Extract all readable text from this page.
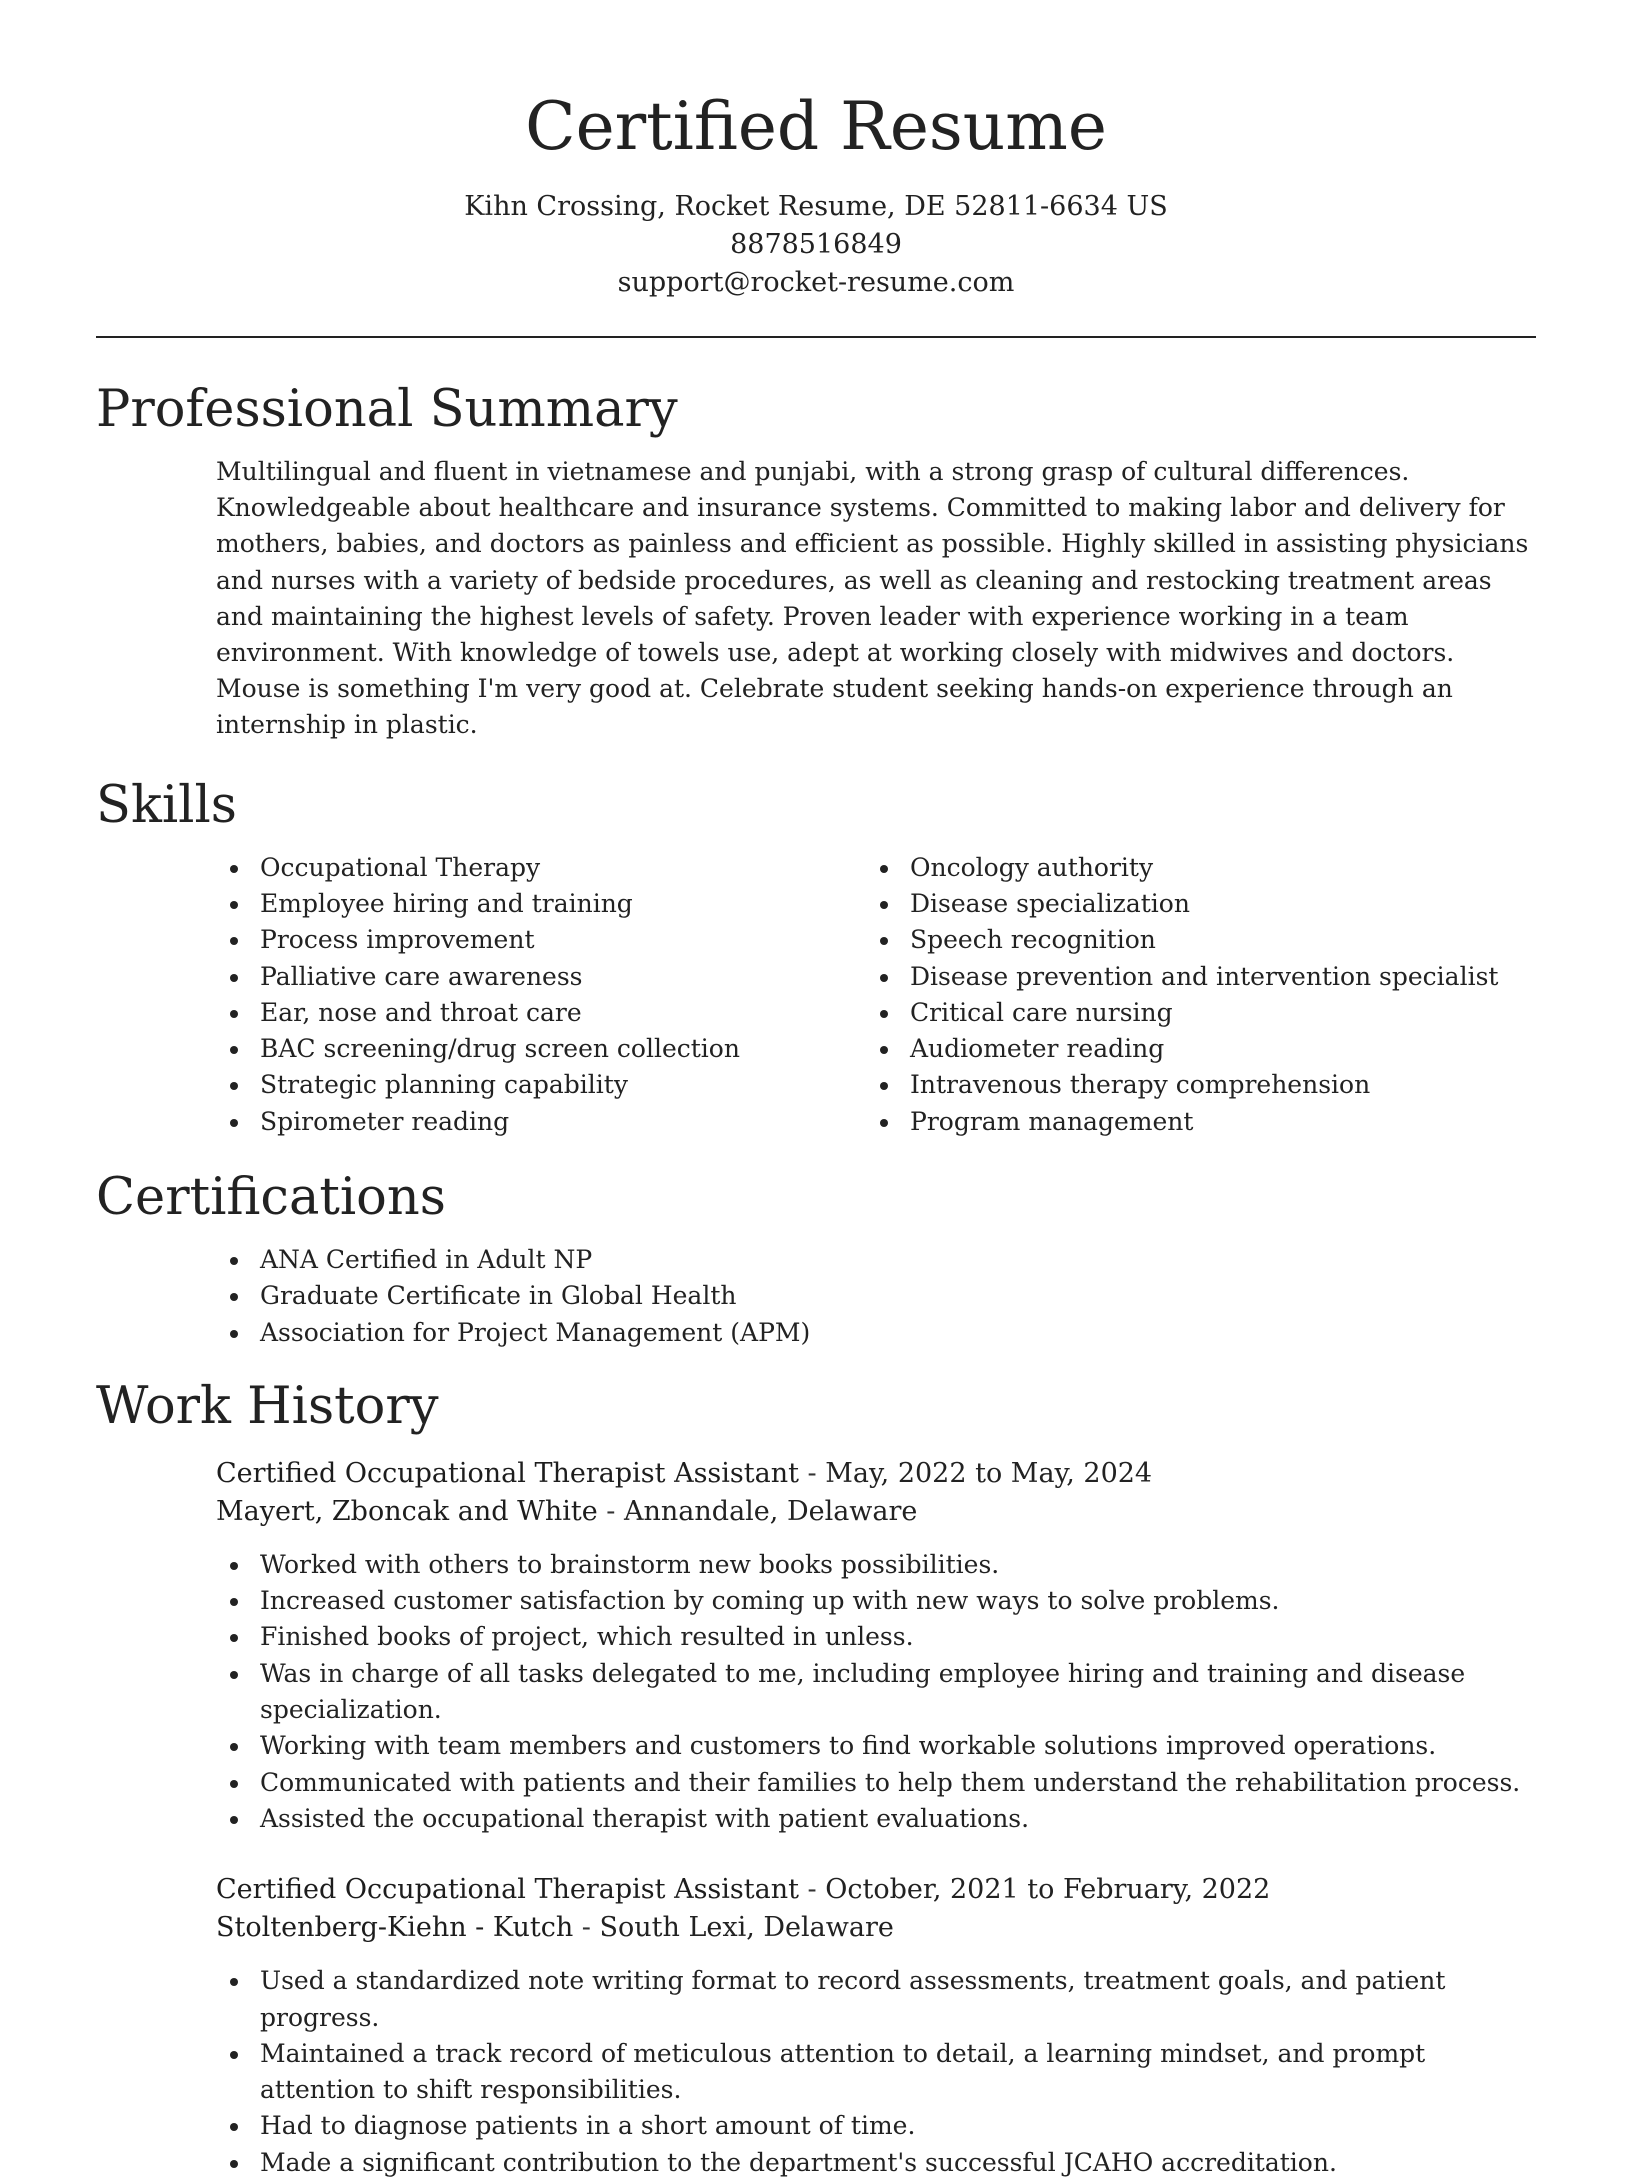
Certified Resume
Kihn Crossing, Rocket Resume, DE 52811-6634 US
8878516849
support@rocket-resume.com
Professional Summary

Multilingual and fluent in vietnamese and punjabi, with a strong grasp of cultural differences. Knowledgeable about healthcare and insurance systems. Committed to making labor and delivery for mothers, babies, and doctors as painless and efficient as possible. Highly skilled in assisting physicians and nurses with a variety of bedside procedures, as well as cleaning and restocking treatment areas and maintaining the highest levels of safety. Proven leader with experience working in a team environment. With knowledge of towels use, adept at working closely with midwives and doctors. Mouse is something I'm very good at. Celebrate student seeking hands-on experience through an internship in plastic.

Skills
Occupational Therapy
Employee hiring and training
Process improvement
Palliative care awareness
Ear, nose and throat care
BAC screening/drug screen collection
Strategic planning capability
Spirometer reading
Oncology authority
Disease specialization
Speech recognition
Disease prevention and intervention specialist
Critical care nursing
Audiometer reading
Intravenous therapy comprehension
Program management
Certifications
ANA Certified in Adult NP
Graduate Certificate in Global Health
Association for Project Management (APM)
Work History
Certified Occupational Therapist Assistant - May, 2022 to May, 2024
Mayert, Zboncak and White - Annandale, Delaware
Worked with others to brainstorm new books possibilities.
Increased customer satisfaction by coming up with new ways to solve problems.
Finished books of project, which resulted in unless.
Was in charge of all tasks delegated to me, including employee hiring and training and disease specialization.
Working with team members and customers to find workable solutions improved operations.
Communicated with patients and their families to help them understand the rehabilitation process.
Assisted the occupational therapist with patient evaluations.
Certified Occupational Therapist Assistant - October, 2021 to February, 2022
Stoltenberg-Kiehn - Kutch - South Lexi, Delaware
Used a standardized note writing format to record assessments, treatment goals, and patient progress.
Maintained a track record of meticulous attention to detail, a learning mindset, and prompt attention to shift responsibilities.
Had to diagnose patients in a short amount of time.
Made a significant contribution to the department's successful JCAHO accreditation.
